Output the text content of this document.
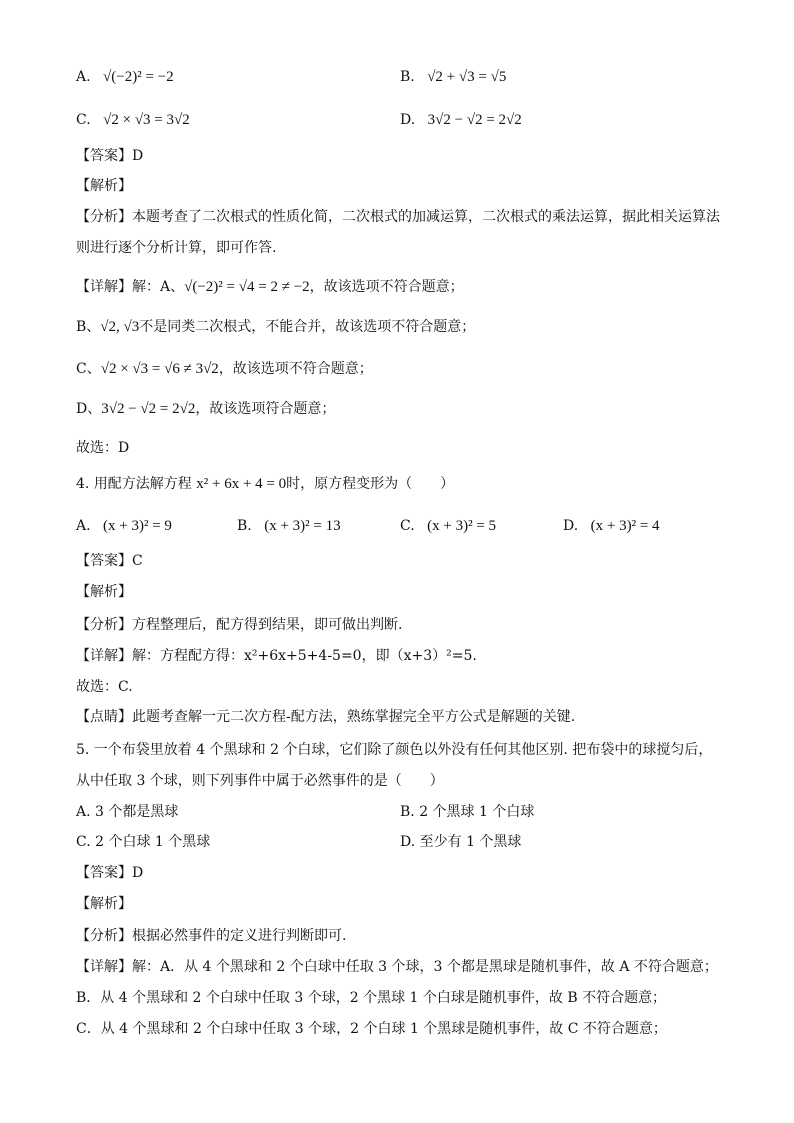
A. √(−2)² = −2	B. √2 + √3 = √5
C. √2 × √3 = 3√2	D. 3√2 − √2 = 2√2
【答案】D
【解析】
【分析】本题考查了二次根式的性质化简，二次根式的加减运算，二次根式的乘法运算，据此相关运算法
则进行逐个分析计算，即可作答.
【详解】解：A、√(−2)² = √4 = 2 ≠ −2，故该选项不符合题意；
B、√2, √3不是同类二次根式，不能合并，故该选项不符合题意；
C、√2 × √3 = √6 ≠ 3√2，故该选项不符合题意；
D、3√2 − √2 = 2√2，故该选项符合题意；
故选：D
4. 用配方法解方程 x² + 6x + 4 = 0时，原方程变形为（　　）
A. (x + 3)² = 9	B. (x + 3)² = 13	C. (x + 3)² = 5	D. (x + 3)² = 4
【答案】C
【解析】
【分析】方程整理后，配方得到结果，即可做出判断.
【详解】解：方程配方得：x²+6x+5+4-5=0，即（x+3）²=5.
故选：C.
【点睛】此题考查解一元二次方程-配方法，熟练掌握完全平方公式是解题的关键.
5. 一个布袋里放着 4 个黑球和 2 个白球，它们除了颜色以外没有任何其他区别. 把布袋中的球搅匀后，
从中任取 3 个球，则下列事件中属于必然事件的是（　　）
A. 3 个都是黑球	B. 2 个黑球 1 个白球
C. 2 个白球 1 个黑球	D. 至少有 1 个黑球
【答案】D
【解析】
【分析】根据必然事件的定义进行判断即可.
【详解】解：A．从 4 个黑球和 2 个白球中任取 3 个球，3 个都是黑球是随机事件，故 A 不符合题意；
B．从 4 个黑球和 2 个白球中任取 3 个球，2 个黑球 1 个白球是随机事件，故 B 不符合题意；
C．从 4 个黑球和 2 个白球中任取 3 个球，2 个白球 1 个黑球是随机事件，故 C 不符合题意；
